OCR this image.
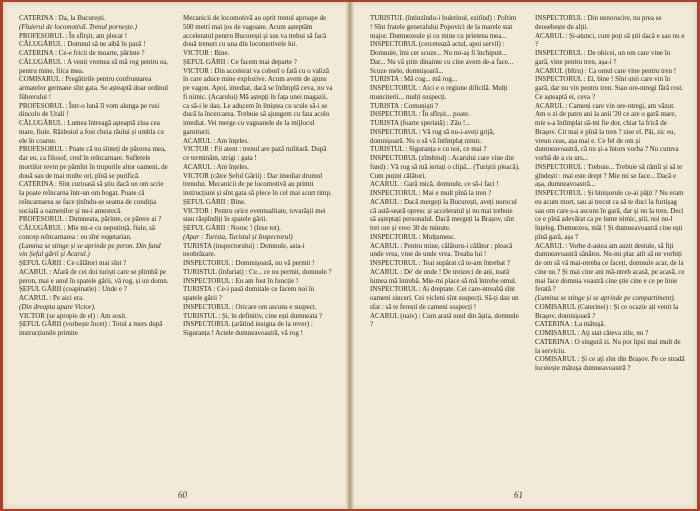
CATERINA : Da, la București.

(Fluierul de locomotivă. Trenul pornește.)

PROFESORUL : În sfîrșit, am plecat !

CĂLUGĂRUL : Domnul să ne aibă în pază !

CATERINA : Ce-e fricii de moarte, părinte ?

CĂLUGĂRUL : A venit vremea să mă rog pentru ea, pentru mine, fiica mea.

COMISARUL : Pregătirile pentru confruntarea armatelor germane sînt gata. Se așteaptă doar ordinul führerului !

PROFESORUL : Într-o lună îl vom alunga pe rusi dincolo de Urali !

CĂLUGĂRUL : Lumea întreagă așteaptă ziua cea mare, fiule. Războiul a fost cheia răului și umbla cu ele în coarne.

PROFESORUL : Poate că nu sînteți de părerea mea, dar eu, ca filosof, cred în reîncarnare. Sufletele mortilor revin pe pămînt în trupurile altor oameni, de două sau de mai multe ori, pînă se purifică.

CATERINA : Sînt curioasă să știu dacă un om scrie la poate reîncarna într-un om bogat. Poate că reîncarnarea se face ținîndu-se seama de condiția socială a oamenilor și nu-i amestecă.

PROFESORUL : Dumneata, părinte, ce părere ai ?

CĂLUGĂRUL : Mie mi-e cu neputință, fiule, să concep reîncarnarea : eu sînt vegetarian.

(Lumina se stinge și se aprinde pe peron. Din fund vin Șeful gării și Acarul.)

ȘEFUL GĂRII : Ce călători mai sînt ?

ACARUL : Afară de cei doi turiști care se plimbă pe peron, mai e unul în spatele gării, vă rog, și un domn.

ȘEFUL GĂRII (coapinatie) : Unde e ?

ACARUL : Pe aici era.

(Din dreapta apare Victor).

VICTOR (se apropie de el) : Am sosit.

ȘEFUL GĂRII (vorbește încet) : Totul a mers după instrucțiunile primite

Mecanicii de locomotivă au oprit trenul aproape de 500 metri mai jos de vagoane. Acum așteptăm acceleratul pentru București și sus va trebui să facă două trenuri cu una din locomotivele lui.

VICTOR : Bine.

ȘEFUL GĂRII : Ce facem mai departe ?

VICTOR : Din accelerat va coborî o fată cu o valiză în care aduce mine explozive. Acum avem de ajuns pe vagon. Apoi, imediat, dacă se întîmplă ceva, nu va fi nimic. (Acarului) Mă aștepți în fața unei magazii, ca să-i le dau. Le aducem în liniștea cu scule să-i se ducă la încercarea. Trebuie să ajungem cu fata acolo imediat. Vei merge cu vagoanele de la mijlocul garniturii.

ACARUL : Am înțeles.

VICTOR : Fii atent : trenul are pază militară. După ce terminăm, strigi : gata !

ACARUL : Am înțeles.

VICTOR (către Șeful Gării) : Dar imediat drumul trenului. Mecanicii de pe locomotivă au primit instrucțiuni și sînt gata să plece în cel mai scurt timp.

ȘEFUL GĂRII : Bine.

VICTOR : Pentru orice eventualitate, tovarășii mei stau răspîndiți în spatele gării.

ȘEFUL GĂRII : Noroc ! (Iese tot).

(Apar : Turista, Turistul și Inspectorul)

TURISTA (inspectorului) : Domnule, asta-i neobrăzare.

INSPECTORUL : Dommișoară, nu vă permit !

TURISTUL (înfuriat) : Ce... ce nu permit, domnule ?

INSPECTORUL : Eu am fost în funcție !

TURISTA : Ce-i pasă dumitale ce facem noi în spatele gării ?

INSPECTORUL : Oricare om ascuns e suspect.

TURISTUL : Și, în definitiv, cine ești dumneata ?

INSPECTORUL (arătînd insigna de la rever) : Siguranța ! Actele dumneavoastră, vă rog !

60

TURISTUL (întinzîndu-i buletinul, ezitînd) : Poftim ! Sînt fratele generalului Popovici de la marele stat major. Dumnezeule și cu mine cu prietena mea...

INSPECTORUL (cercetează actul, apoi servil) : Domnule, îmi cer scuze... Nu mi-aș fi închipuit... Dar... Nu vă știm dinainte cu cine avem de-a face... Scuze mele, domnișoară...

TURISTA : Mă cog... mă rog...

INSPECTORUL : Aici e o regiune dificilă. Mulți munciterii... mulți suspecți.

TURISTA : Comuniști ?

INSPECTORUL : În sfîrșit... poate.

TURISTA (foarte speriată) : Zău !...

INSPECTORUL : Vă rog să nu-i-aveți grijă, domnișoară. Nu o să vă întîmplaț nimic.

TURISTUL : Siguranța e cu noi, ce mai ?

INSPECTORUL (zîmbind) : Acarului care vine din fund) : Vă rog să mă iertați o clipă... (Turiștii pleacă). Cum puțini călători.

ACARUL : Gară mică, domnule, ce să-i faci !

INSPECTORUL : Mai e mult pînă la tren ?

ACARUL : Dacă mergeți la București, aveți norocul că astă-seară opresc și acceleratul și nu mai trebuie să așteptați personalul. Dacă mergeți la Brașov, sînt trei ore și vreo 30 de minute.

INSPECTORUL : Mulțumesc.

ACARUL : Pentru mine, călătoru-i călător : pleacă unde vrea, vine de unde vrea. Treaba lui !

INSPECTORUL : Teai supărat că te-am întrebat ?

ACARUL : De' de unde ! De treizeci de ani, toată lumea mă întrebă. Mie-mi place să mă întrebe omul.

INSPECTORUL : Ai dreptate. Cei care-ntreabă sînt oameni sinceri. Cei vicleni sînt suspecți. Să-ți dau un sfat : să te ferești de cameni suspecți !

ACARUL (naiv) : Cum arată unul din ăștia, domnule ?

INSPECTORUL : Din nenorocire, nu prea se deosebește de alții.

ACARUL : Și-atunci, cum poți să știi dacă e sau nu e ?

INSPECTORUL : De obicei, un om care vine în gară, vine pentru tren, așa-i ?

ACARUL (bîtru) : Ca omul care vine pentru tren !

INSPECTORUL : Ei, bine ! Sînt unii care vin în gară, dar nu vin pentru tren. Stau ore-ntregi fără rost. Ce așteaptă ei, ceva ?

ACARUL : Cameni care vin ore-ntregi, am văzut. Am o zi de patru ani la anii '20 ce are o gară mare, mie s-a întîmplat să-mi fie dor, chiar la frică de Brașov. Cit mai e pînă la tren ? zise el. Păi, zic eu, vreun ceas, așa mai e. Ce fel de om și dumneavoastră, că nu și-a întors vorba ? Nu cumva vorbă de a cu urs...

INSPECTORUL : Trebuie... Trebuie să rămîi și să te gîndești : mai este drept ? Mie mi se face... Dacă e așa, dumneavoastră...

INSPECTORUL : Și binișorule ce-ai pățit ? Nu eram eu acum mort, sau ai trecut ca să te duci la furtișag sau om care s-a ascuns în gară, dar și nu la tren. Deci ce e pînă adevărat ca pe lume nimic, știi, noi nu-l înțeleg. Dumnezeu, măi ! Și dumneavoastră cine ești pînă gară, așa ?

ACARUL : Vorbe d-astea am auzit destule, să fiți dumneavoastră sănătos. Nu-mi plac atît să ne vorbiți de om să vă mai-ntreba ce faceți, domnule acar, de la cine nu ? Și mai cine ani mă-ntreb acasă, pe acasă, ce mai face domnia voastră cine știe cine e ce pe linie ferată ?

(Lumina se stinge și se aprinde pe compartiment).

COMISARUL (Caterinei) : Și ce ocazie ați venit la Brașov, domnișoară ?

CATERINA : La mătușă.

COMISARUL : Ați stat câteva zile, nu ?

CATERINA : O singură zi. Nu pot lipsi mai mult de la serviciu.

COMISARUL : Și ce aţi sînt din Brașov. Pe ce stradă locuiește mătușa dumneavoastră ?

61
